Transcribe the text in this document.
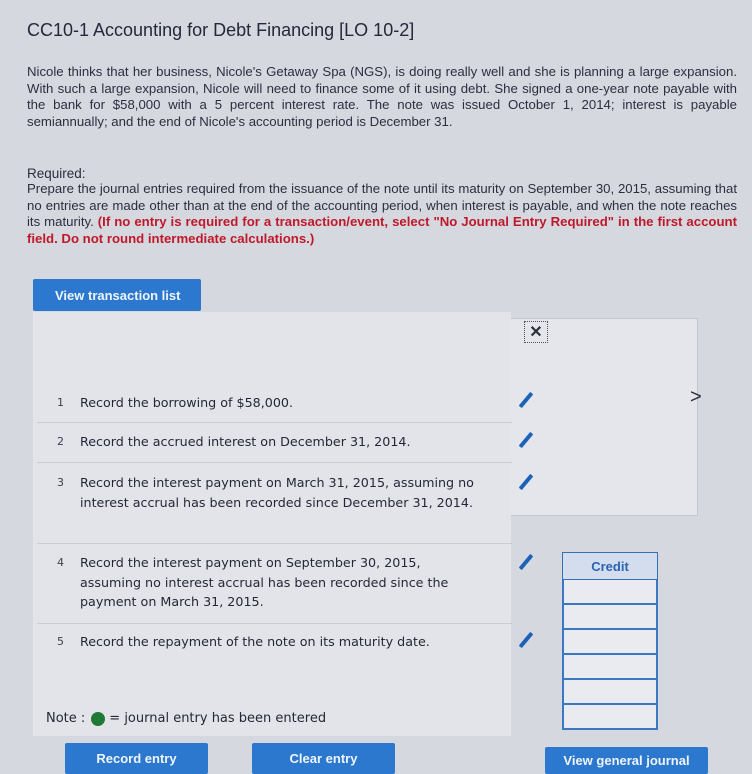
CC10-1 Accounting for Debt Financing [LO 10-2]
Nicole thinks that her business, Nicole's Getaway Spa (NGS), is doing really well and she is planning a large expansion. With such a large expansion, Nicole will need to finance some of it using debt. She signed a one-year note payable with the bank for $58,000 with a 5 percent interest rate. The note was issued October 1, 2014; interest is payable semiannually; and the end of Nicole's accounting period is December 31.
Required:
Prepare the journal entries required from the issuance of the note until its maturity on September 30, 2015, assuming that no entries are made other than at the end of the accounting period, when interest is payable, and when the note reaches its maturity. (If no entry is required for a transaction/event, select "No Journal Entry Required" in the first account field. Do not round intermediate calculations.)
View transaction list
✕
>
1 Record the borrowing of $58,000.
2 Record the accrued interest on December 31, 2014.
3 Record the interest payment on March 31, 2015, assuming no interest accrual has been recorded since December 31, 2014.
4 Record the interest payment on September 30, 2015, assuming no interest accrual has been recorded since the payment on March 31, 2015.
5 Record the repayment of the note on its maturity date.
Credit
Note : = journal entry has been entered
Record entry	Clear entry	View general journal
